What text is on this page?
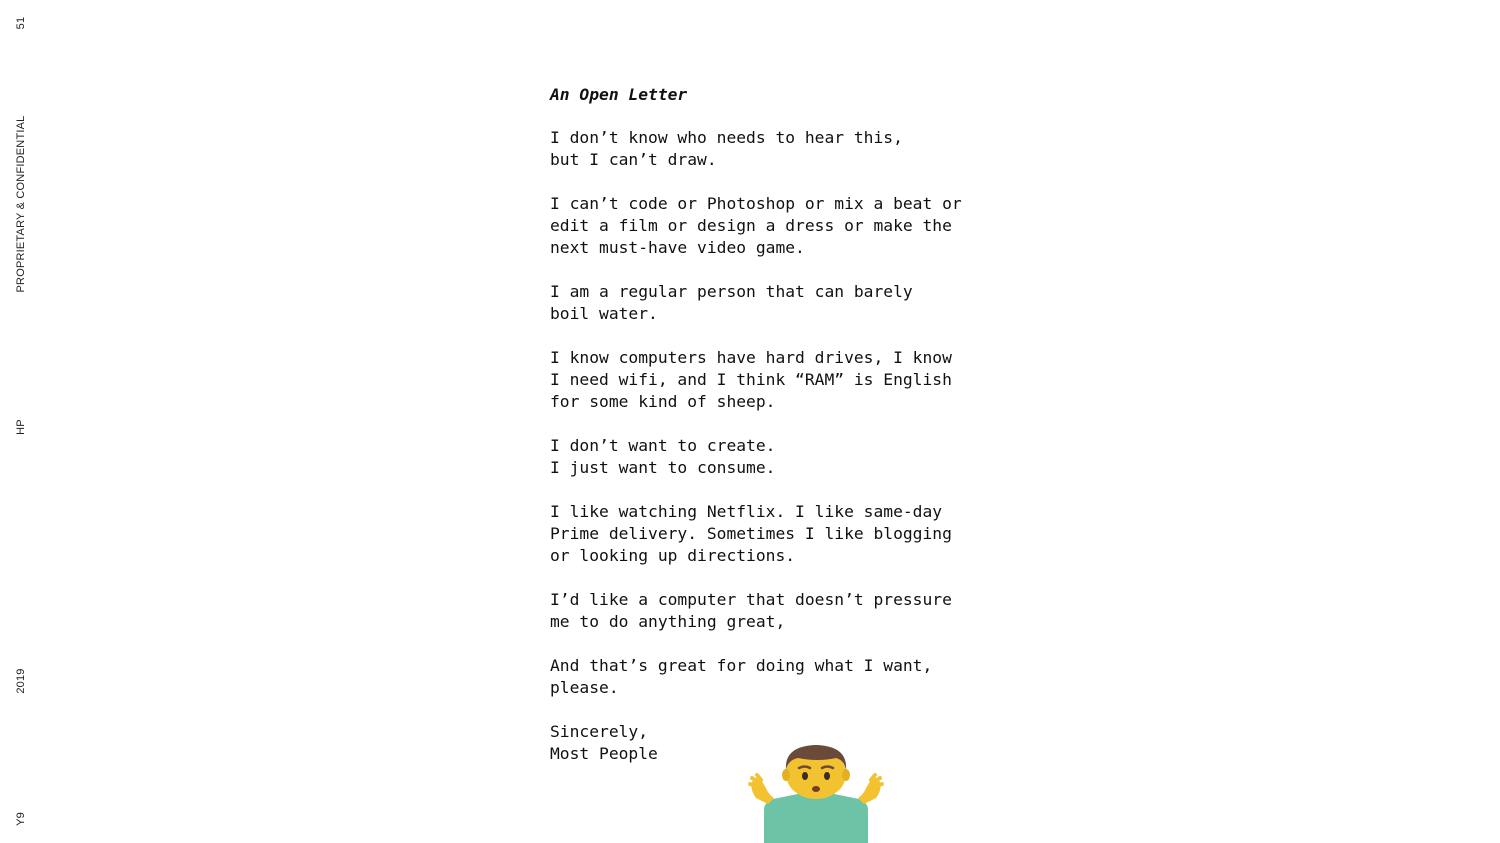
51
PROPRIETARY & CONFIDENTIAL
HP
2019
Y9
An Open Letter
I don’t know who needs to hear this,
but I can’t draw.
I can’t code or Photoshop or mix a beat or
edit a film or design a dress or make the
next must-have video game.
I am a regular person that can barely
boil water.
I know computers have hard drives, I know
I need wifi, and I think “RAM” is English
for some kind of sheep.
I don’t want to create.
I just want to consume.
I like watching Netflix. I like same-day
Prime delivery. Sometimes I like blogging
or looking up directions.
I’d like a computer that doesn’t pressure
me to do anything great,
And that’s great for doing what I want,
please.
Sincerely,
Most People
